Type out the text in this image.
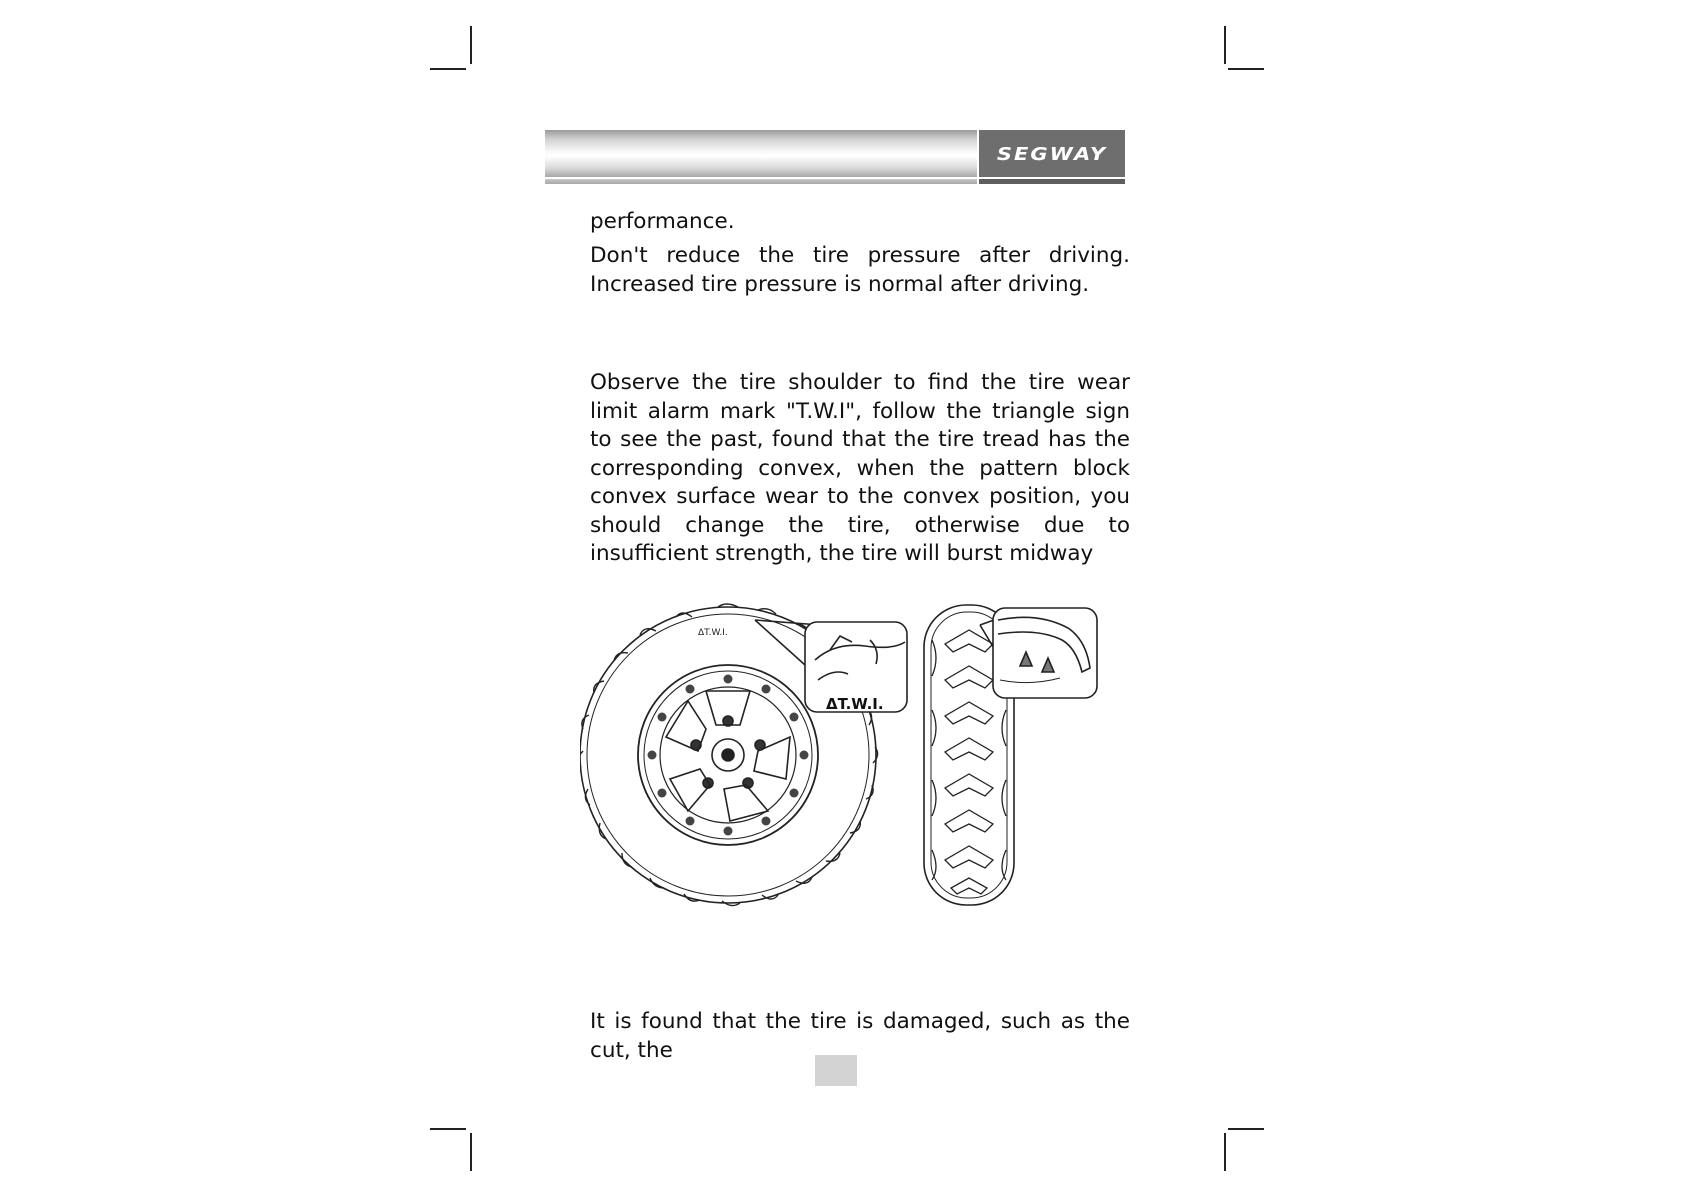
SEGWAY
performance.
Don't reduce the tire pressure after driving. Increased tire pressure is normal after driving.
Observe the tire shoulder to find the tire wear limit alarm mark "T.W.I", follow the triangle sign to see the past, found that the tire tread has the corresponding convex, when the pattern block convex surface wear to the convex position, you should change the tire, otherwise due to insufficient strength, the tire will burst midway
It is found that the tire is damaged, such as the cut, the
ΔT.W.I.
ΔT.W.I.
